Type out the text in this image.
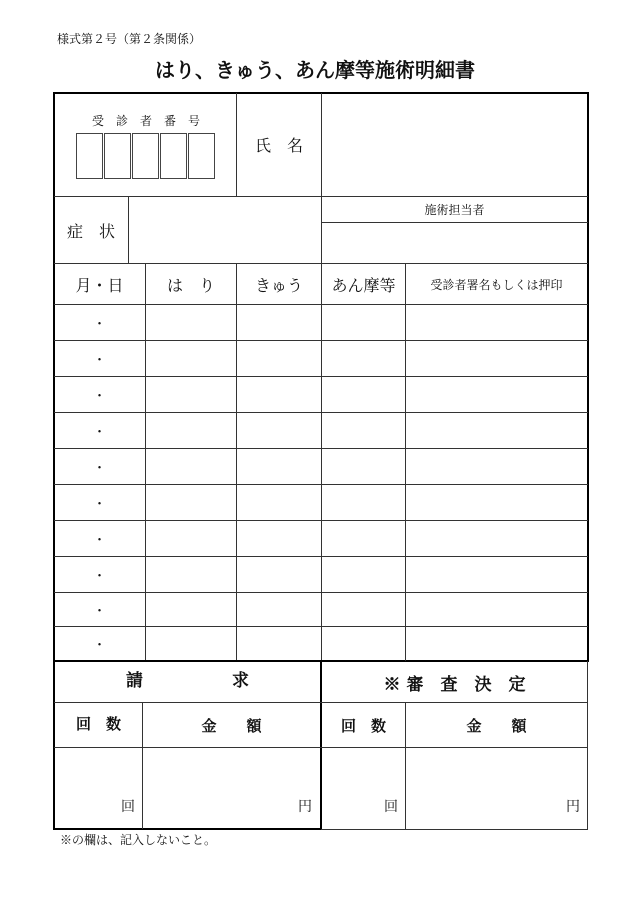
様式第２号（第２条関係）
はり、きゅう、あん摩等施術明細書
受　診　者　番　号
氏　名
症　状
施術担当者
月・日	は　り	きゅう	あん摩等	受診者署名もしくは押印
・
・
・
・
・
・
・
・
・
・
請	求
回　数	金　　額
回	円
※ 審　査　決　定
回　数	金　　額
回	円
※の欄は、記入しないこと。
